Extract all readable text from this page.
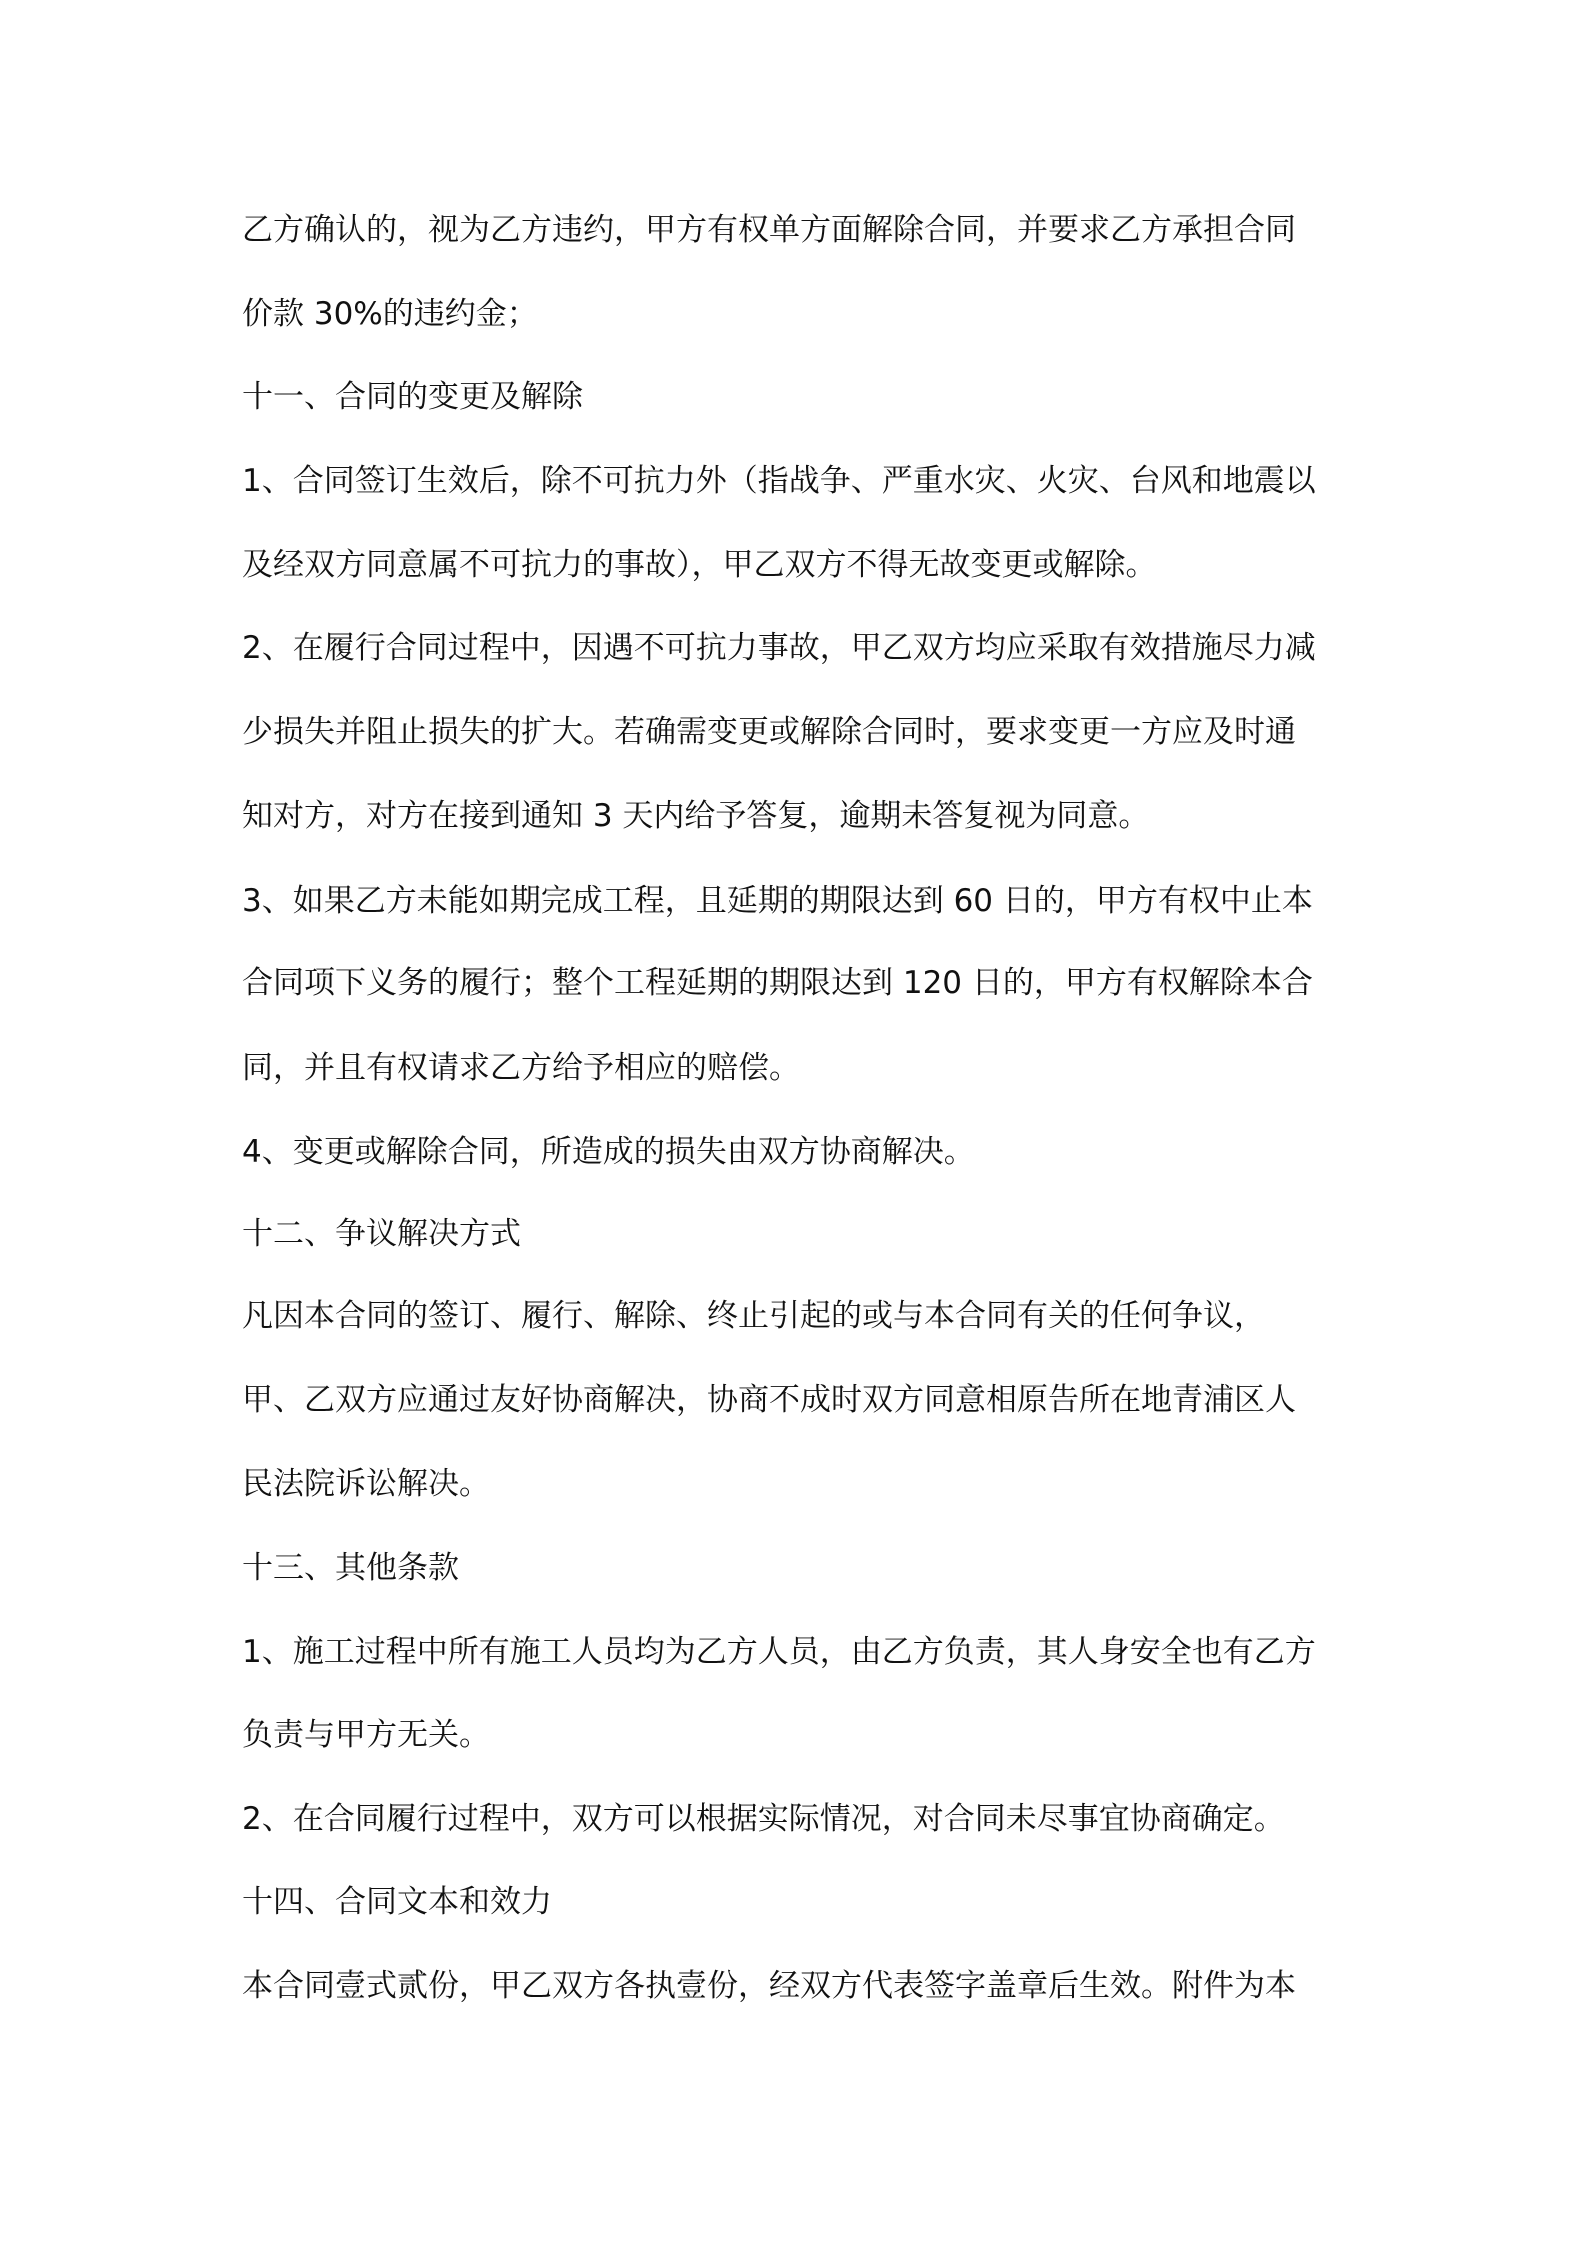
乙方确认的，视为乙方违约，甲方有权单方面解除合同，并要求乙方承担合同
价款 30%的违约金；
十一、合同的变更及解除
1、合同签订生效后，除不可抗力外（指战争、严重水灾、火灾、台风和地震以
及经双方同意属不可抗力的事故），甲乙双方不得无故变更或解除。
2、在履行合同过程中，因遇不可抗力事故，甲乙双方均应采取有效措施尽力减
少损失并阻止损失的扩大。若确需变更或解除合同时，要求变更一方应及时通
知对方，对方在接到通知 3 天内给予答复，逾期未答复视为同意。
3、如果乙方未能如期完成工程，且延期的期限达到 60 日的，甲方有权中止本
合同项下义务的履行；整个工程延期的期限达到 120 日的，甲方有权解除本合
同，并且有权请求乙方给予相应的赔偿。
4、变更或解除合同，所造成的损失由双方协商解决。
十二、争议解决方式
凡因本合同的签订、履行、解除、终止引起的或与本合同有关的任何争议，
甲、乙双方应通过友好协商解决，协商不成时双方同意相原告所在地青浦区人
民法院诉讼解决。
十三、其他条款
1、施工过程中所有施工人员均为乙方人员，由乙方负责，其人身安全也有乙方
负责与甲方无关。
2、在合同履行过程中，双方可以根据实际情况，对合同未尽事宜协商确定。
十四、合同文本和效力
本合同壹式贰份，甲乙双方各执壹份，经双方代表签字盖章后生效。附件为本
